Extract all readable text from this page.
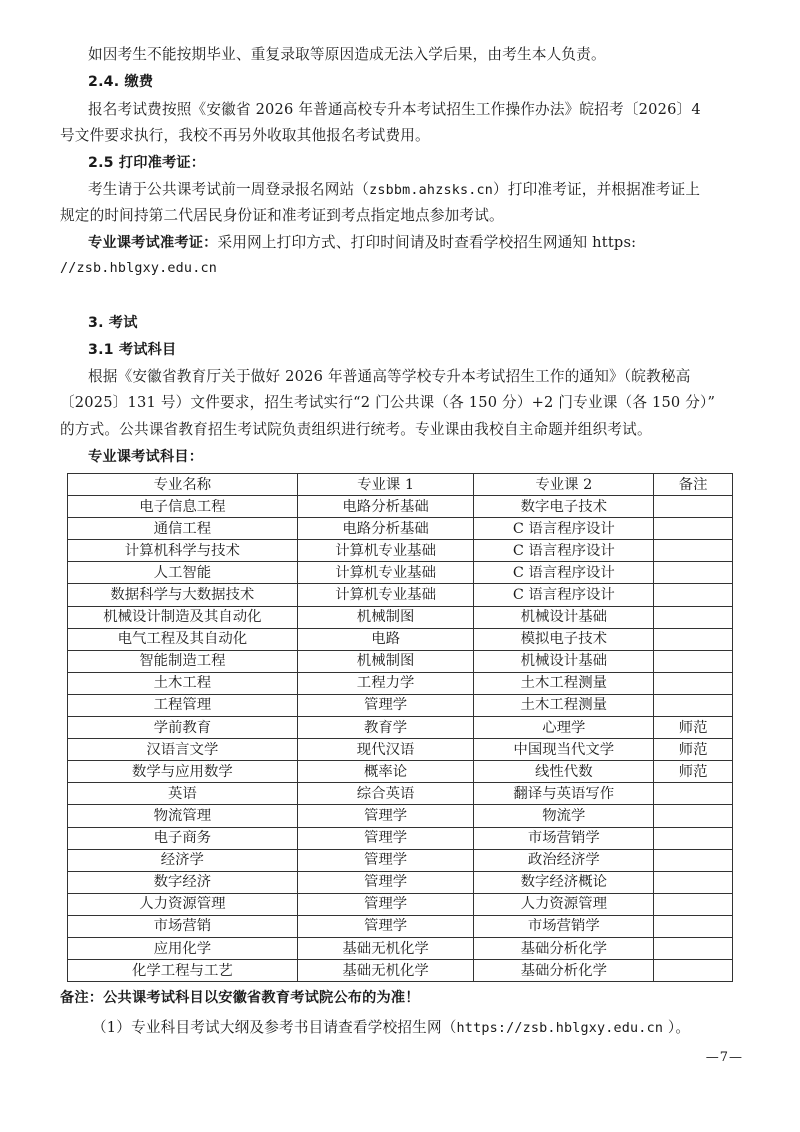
如因考生不能按期毕业、重复录取等原因造成无法入学后果，由考生本人负责。
2.4. 缴费
报名考试费按照《安徽省 2026 年普通高校专升本考试招生工作操作办法》皖招考〔2026〕4
号文件要求执行，我校不再另外收取其他报名考试费用。
2.5 打印准考证：
考生请于公共课考试前一周登录报名网站（zsbbm.ahzsks.cn）打印准考证，并根据准考证上
规定的时间持第二代居民身份证和准考证到考点指定地点参加考试。
专业课考试准考证：采用网上打印方式、打印时间请及时查看学校招生网通知 https:
//zsb.hblgxy.edu.cn
3. 考试
3.1 考试科目
根据《安徽省教育厅关于做好 2026 年普通高等学校专升本考试招生工作的通知》（皖教秘高
〔2025〕131 号）文件要求，招生考试实行“2 门公共课（各 150 分）+2 门专业课（各 150 分）”
的方式。公共课省教育招生考试院负责组织进行统考。专业课由我校自主命题并组织考试。
专业课考试科目：
专业名称	专业课 1	专业课 2	备注
电子信息工程	电路分析基础	数字电子技术	
通信工程	电路分析基础	C 语言程序设计	
计算机科学与技术	计算机专业基础	C 语言程序设计	
人工智能	计算机专业基础	C 语言程序设计	
数据科学与大数据技术	计算机专业基础	C 语言程序设计	
机械设计制造及其自动化	机械制图	机械设计基础	
电气工程及其自动化	电路	模拟电子技术	
智能制造工程	机械制图	机械设计基础	
土木工程	工程力学	土木工程测量	
工程管理	管理学	土木工程测量	
学前教育	教育学	心理学	师范
汉语言文学	现代汉语	中国现当代文学	师范
数学与应用数学	概率论	线性代数	师范
英语	综合英语	翻译与英语写作	
物流管理	管理学	物流学	
电子商务	管理学	市场营销学	
经济学	管理学	政治经济学	
数字经济	管理学	数字经济概论	
人力资源管理	管理学	人力资源管理	
市场营销	管理学	市场营销学	
应用化学	基础无机化学	基础分析化学	
化学工程与工艺	基础无机化学	基础分析化学	
备注：公共课考试科目以安徽省教育考试院公布的为准！
（1）专业科目考试大纲及参考书目请查看学校招生网（https://zsb.hblgxy.edu.cn ）。
—7—
